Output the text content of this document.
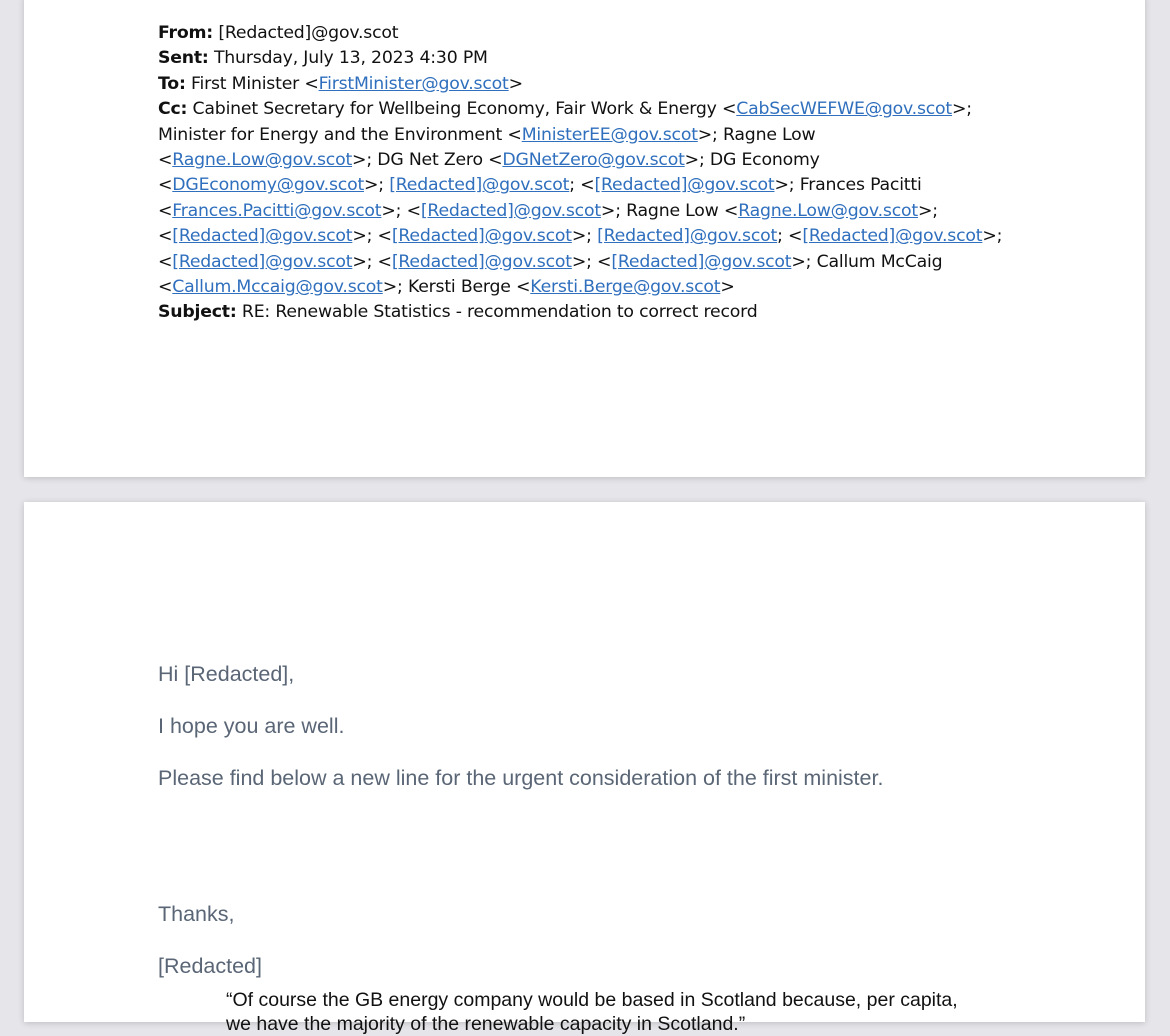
From: [Redacted]@gov.scot
Sent: Thursday, July 13, 2023 4:30 PM
To: First Minister <FirstMinister@gov.scot>
Cc: Cabinet Secretary for Wellbeing Economy, Fair Work & Energy <CabSecWEFWE@gov.scot>;
Minister for Energy and the Environment <MinisterEE@gov.scot>; Ragne Low
<Ragne.Low@gov.scot>; DG Net Zero <DGNetZero@gov.scot>; DG Economy
<DGEconomy@gov.scot>; [Redacted]@gov.scot; <[Redacted]@gov.scot>; Frances Pacitti
<Frances.Pacitti@gov.scot>; <[Redacted]@gov.scot>; Ragne Low <Ragne.Low@gov.scot>;
<[Redacted]@gov.scot>; <[Redacted]@gov.scot>; [Redacted]@gov.scot; <[Redacted]@gov.scot>;
<[Redacted]@gov.scot>; <[Redacted]@gov.scot>; <[Redacted]@gov.scot>; Callum McCaig
<Callum.Mccaig@gov.scot>; Kersti Berge <Kersti.Berge@gov.scot>
Subject: RE: Renewable Statistics - recommendation to correct record
Hi [Redacted],
I hope you are well.
Please find below a new line for the urgent consideration of the first minister.
“Of course the GB energy company would be based in Scotland because, per capita,
we have the majority of the renewable capacity in Scotland.”
Thanks,
[Redacted]
